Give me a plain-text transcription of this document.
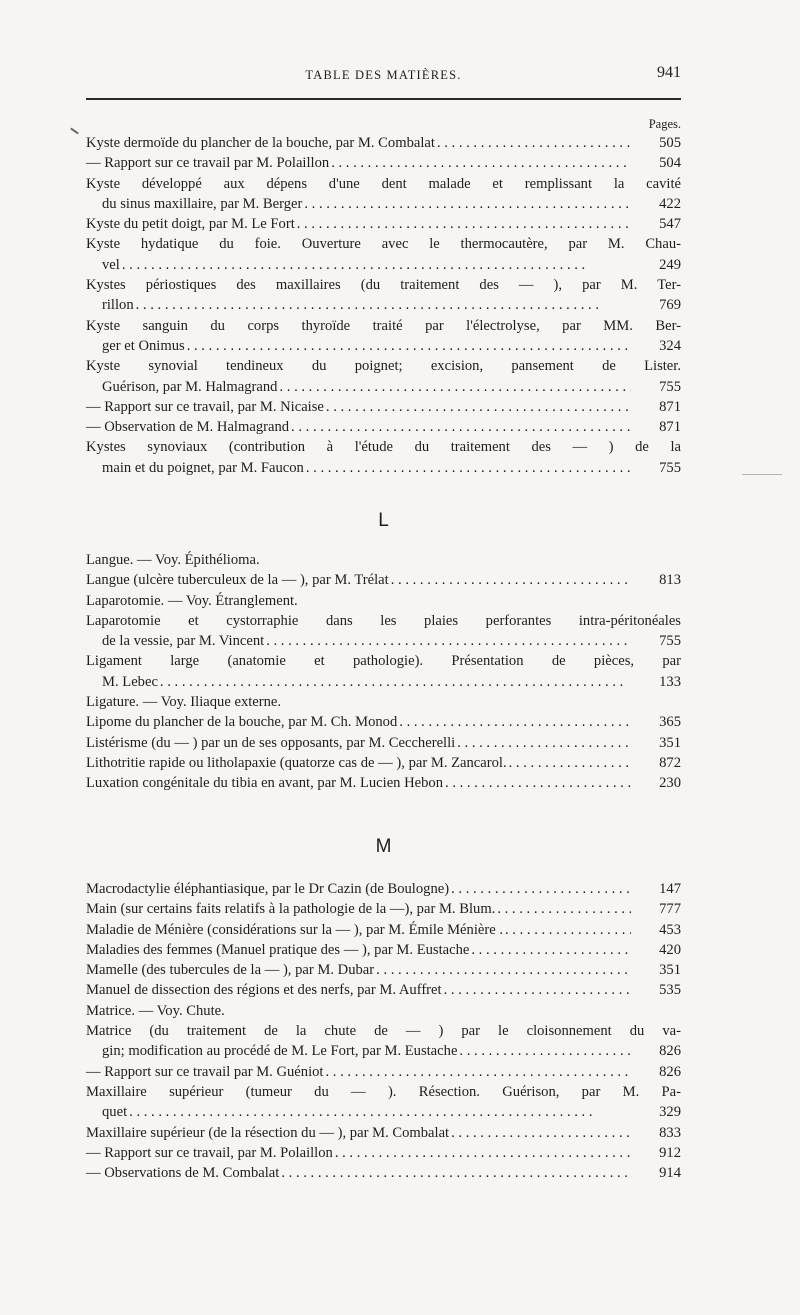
TABLE DES MATIÈRES.	941
Pages.
Kyste dermoïde du plancher de la bouche, par M. Combalat . . .	505
— Rapport sur ce travail par M. Polaillon . . .	504
Kyste développé aux dépens d'une dent malade et remplissant la cavité
du sinus maxillaire, par M. Berger . . .	422
Kyste du petit doigt, par M. Le Fort . . .	547
Kyste hydatique du foie. Ouverture avec le thermocautère, par M. Chau-
vel . . .	249
Kystes périostiques des maxillaires (du traitement des — ), par M. Ter-
rillon . . .	769
Kyste sanguin du corps thyroïde traité par l'électrolyse, par MM. Ber-
ger et Onimus . . .	324
Kyste synovial tendineux du poignet; excision, pansement de Lister.
Guérison, par M. Halmagrand . . .	755
— Rapport sur ce travail, par M. Nicaise . . .	871
— Observation de M. Halmagrand . . .	871
Kystes synoviaux (contribution à l'étude du traitement des — ) de la
main et du poignet, par M. Faucon . . .	755
L
Langue. — Voy. Épithélioma.
Langue (ulcère tuberculeux de la — ), par M. Trélat . . .	813
Laparotomie. — Voy. Étranglement.
Laparotomie et cystorraphie dans les plaies perforantes intra-péritonéales
de la vessie, par M. Vincent . . .	755
Ligament large (anatomie et pathologie). Présentation de pièces, par
M. Lebec . . .	133
Ligature. — Voy. Iliaque externe.
Lipome du plancher de la bouche, par M. Ch. Monod . . .	365
Listérisme (du — ) par un de ses opposants, par M. Ceccherelli . . .	351
Lithotritie rapide ou litholapaxie (quatorze cas de — ), par M. Zancarol. . . .	872
Luxation congénitale du tibia en avant, par M. Lucien Hebon . . .	230
M
Macrodactylie éléphantiasique, par le Dr Cazin (de Boulogne) . . .	147
Main (sur certains faits relatifs à la pathologie de la —), par M. Blum. . . .	777
Maladie de Ménière (considérations sur la — ), par M. Émile Ménière . . . .	453
Maladies des femmes (Manuel pratique des — ), par M. Eustache . . .	420
Mamelle (des tubercules de la — ), par M. Dubar . . .	351
Manuel de dissection des régions et des nerfs, par M. Auffret . . .	535
Matrice. — Voy. Chute.
Matrice (du traitement de la chute de — ) par le cloisonnement du va-
gin; modification au procédé de M. Le Fort, par M. Eustache . . .	826
— Rapport sur ce travail par M. Guéniot . . .	826
Maxillaire supérieur (tumeur du — ). Résection. Guérison, par M. Pa-
quet . . .	329
Maxillaire supérieur (de la résection du — ), par M. Combalat . . .	833
— Rapport sur ce travail, par M. Polaillon . . .	912
— Observations de M. Combalat . . .	914
